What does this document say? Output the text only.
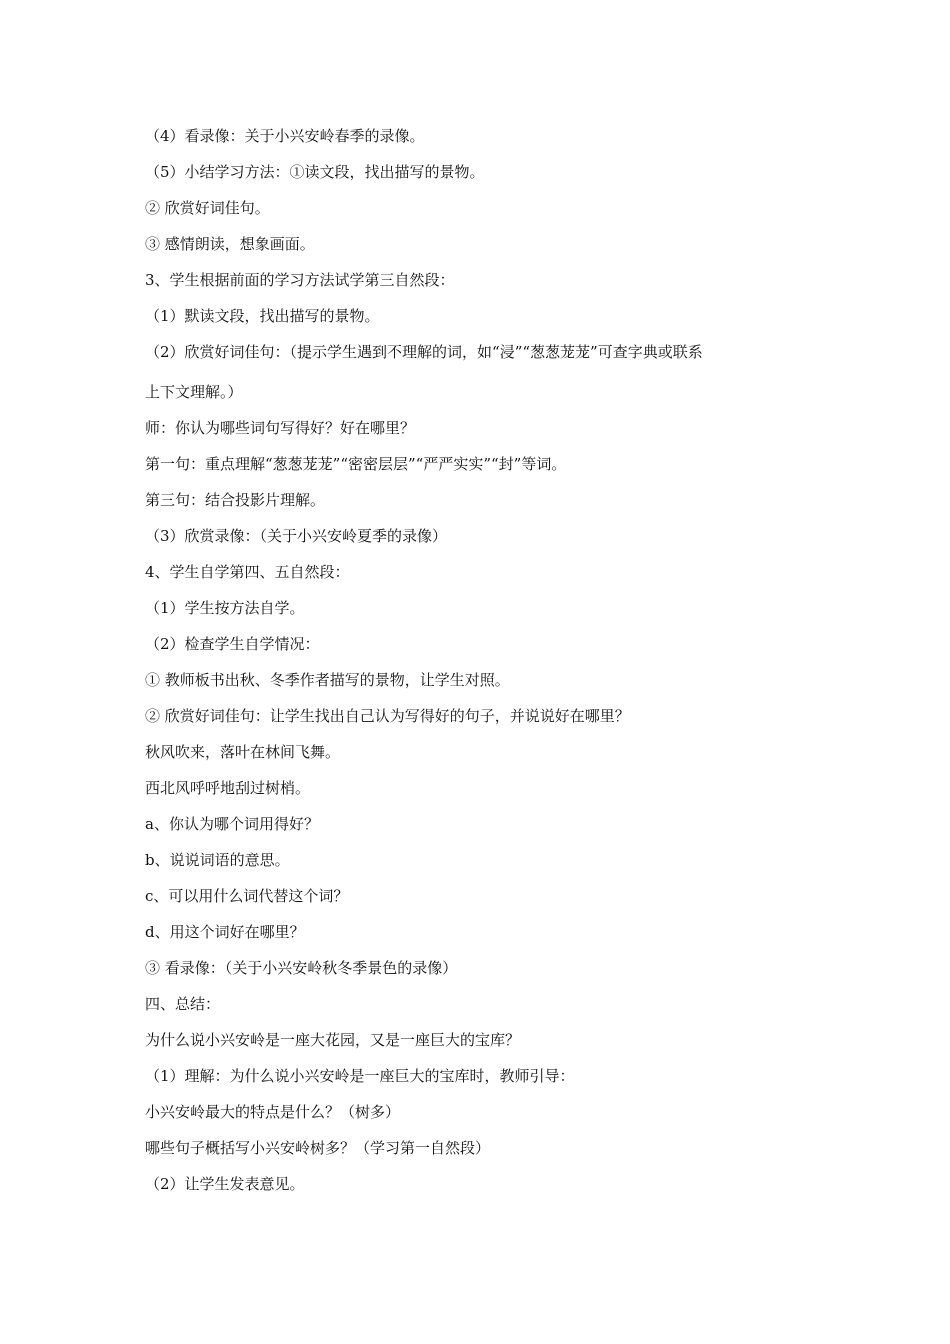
（4）看录像：关于小兴安岭春季的录像。
（5）小结学习方法：①读文段，找出描写的景物。
② 欣赏好词佳句。
③ 感情朗读，想象画面。
3、学生根据前面的学习方法试学第三自然段：
（1）默读文段，找出描写的景物。
（2）欣赏好词佳句：（提示学生遇到不理解的词，如“浸”“葱葱茏茏”可查字典或联系
上下文理解。）
师：你认为哪些词句写得好？好在哪里？
第一句：重点理解“葱葱茏茏”“密密层层”“严严实实”“封”等词。
第三句：结合投影片理解。
（3）欣赏录像：（关于小兴安岭夏季的录像）
4、学生自学第四、五自然段：
（1）学生按方法自学。
（2）检查学生自学情况：
① 教师板书出秋、冬季作者描写的景物，让学生对照。
② 欣赏好词佳句：让学生找出自己认为写得好的句子，并说说好在哪里？
秋风吹来，落叶在林间飞舞。
西北风呼呼地刮过树梢。
a、你认为哪个词用得好？
b、说说词语的意思。
c、可以用什么词代替这个词？
d、用这个词好在哪里？
③ 看录像：（关于小兴安岭秋冬季景色的录像）
四、总结：
为什么说小兴安岭是一座大花园，又是一座巨大的宝库？
（1）理解：为什么说小兴安岭是一座巨大的宝库时，教师引导：
小兴安岭最大的特点是什么？（树多）
哪些句子概括写小兴安岭树多？（学习第一自然段）
（2）让学生发表意见。
